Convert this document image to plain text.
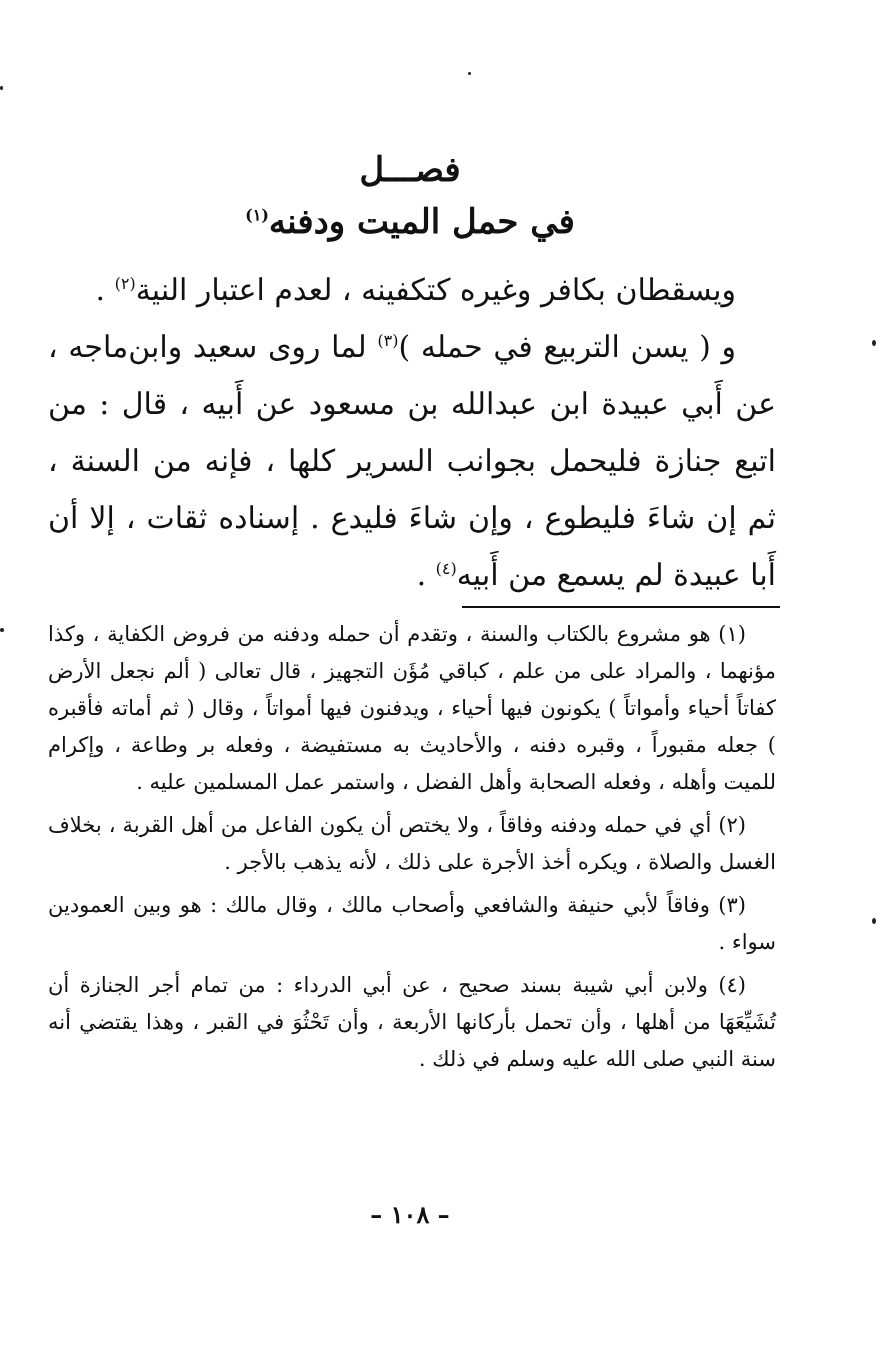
فصـــل
في حمل الميت ودفنه$^{(١)}$

ويسقطان بكافر وغيره كتكفينه ، لعدم اعتبار النية$^{(٢)}$ .

و ( يسن التربيع في حمله )$^{(٣)}$ لما روى سعيد وابن‌ماجه ، عن أَبي عبيدة ابن عبدالله بن مسعود عن أَبيه ، قال : من اتبع جنازة فليحمل بجوانب السرير كلها ، فإنه من السنة ، ثم إن شاءَ فليطوع ، وإن شاءَ فليدع . إسناده ثقات ، إلا أن أَبا عبيدة لم يسمع من أَبيه$^{(٤)}$ .

(١) هو مشروع بالكتاب والسنة ، وتقدم أن حمله ودفنه من فروض الكفاية ، وكذا مؤنهما ، والمراد على من علم ، كباقي مُؤَن التجهيز ، قال تعالى ( ألم نجعل الأرض كفاتاً أحياء وأمواتاً ) يكونون فيها أحياء ، ويدفنون فيها أمواتاً ، وقال ( ثم أماته فأقبره ) جعله مقبوراً ، وقبره دفنه ، والأحاديث به مستفيضة ، وفعله بر وطاعة ، وإكرام للميت وأهله ، وفعله الصحابة وأهل الفضل ، واستمر عمل المسلمين عليه .

(٢) أي في حمله ودفنه وفاقاً ، ولا يختص أن يكون الفاعل من أهل القربة ، بخلاف الغسل والصلاة ، ويكره أخذ الأجرة على ذلك ، لأنه يذهب بالأجر .

(٣) وفاقاً لأبي حنيفة والشافعي وأصحاب مالك ، وقال مالك : هو وبين العمودين سواء .

(٤) ولابن أبي شيبة بسند صحيح ، عن أبي الدرداء : من تمام أجر الجنازة أن تُشَيِّعَهَا من أهلها ، وأن تحمل بأركانها الأربعة ، وأن تَحْثُوَ في القبر ، وهذا يقتضي أنه سنة النبي صلى الله عليه وسلم في ذلك .

– ١٠٨ –
